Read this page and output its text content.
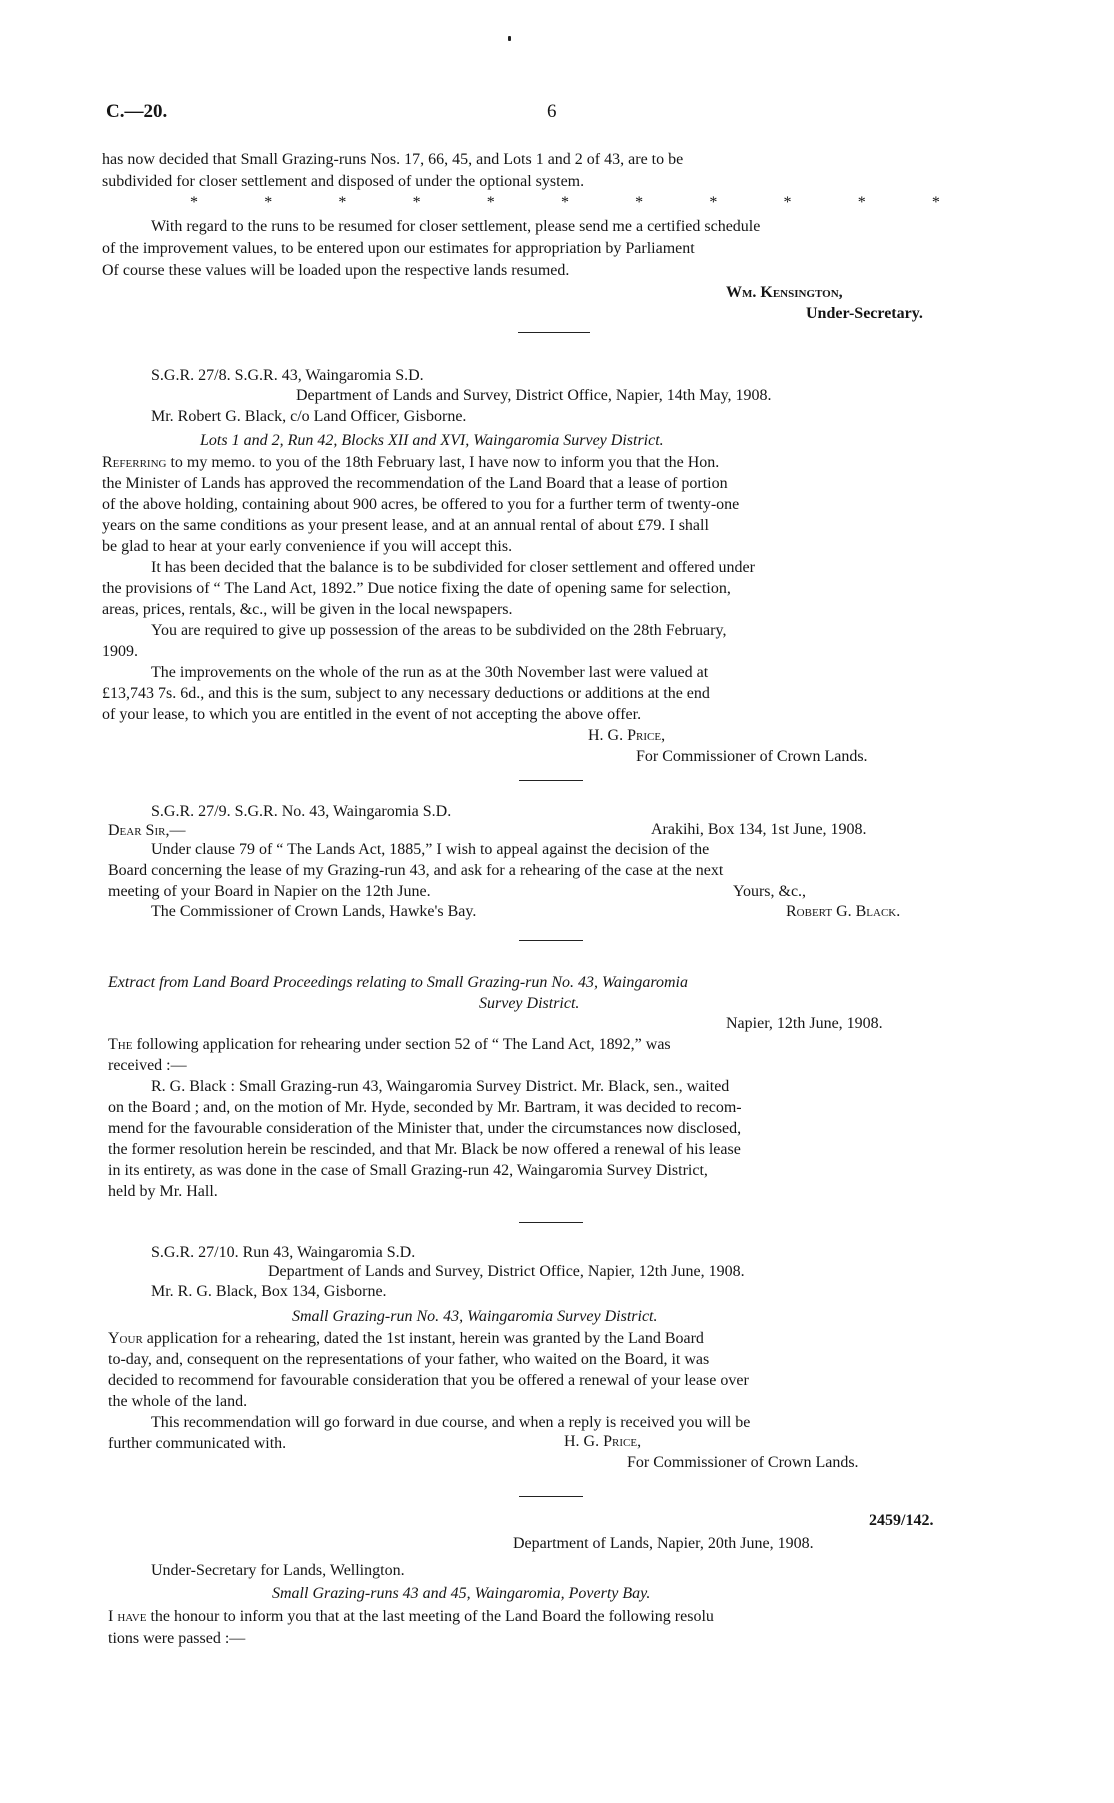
C.—20.	6
has now decided that Small Grazing-runs Nos. 17, 66, 45, and Lots 1 and 2 of 43, are to be
subdivided for closer settlement and disposed of under the optional system.
*	*	*	*	*	*	*	*	*	*	*
With regard to the runs to be resumed for closer settlement, please send me a certified schedule
of the improvement values, to be entered upon our estimates for appropriation by Parliament
Of course these values will be loaded upon the respective lands resumed.
Wm. Kensington,
Under-Secretary.
S.G.R. 27/8. S.G.R. 43, Waingaromia S.D.
Department of Lands and Survey, District Office, Napier, 14th May, 1908.
Mr. Robert G. Black, c/o Land Officer, Gisborne.
Lots 1 and 2, Run 42, Blocks XII and XVI, Waingaromia Survey District.
Referring to my memo. to you of the 18th February last, I have now to inform you that the Hon.
the Minister of Lands has approved the recommendation of the Land Board that a lease of portion
of the above holding, containing about 900 acres, be offered to you for a further term of twenty-one
years on the same conditions as your present lease, and at an annual rental of about £79. I shall
be glad to hear at your early convenience if you will accept this.
It has been decided that the balance is to be subdivided for closer settlement and offered under
the provisions of “ The Land Act, 1892.” Due notice fixing the date of opening same for selection,
areas, prices, rentals, &c., will be given in the local newspapers.
You are required to give up possession of the areas to be subdivided on the 28th February,
1909.
The improvements on the whole of the run as at the 30th November last were valued at
£13,743 7s. 6d., and this is the sum, subject to any necessary deductions or additions at the end
of your lease, to which you are entitled in the event of not accepting the above offer.
H. G. Price,
For Commissioner of Crown Lands.
S.G.R. 27/9. S.G.R. No. 43, Waingaromia S.D.
Dear Sir,—	Arakihi, Box 134, 1st June, 1908.
Under clause 79 of “ The Lands Act, 1885,” I wish to appeal against the decision of the
Board concerning the lease of my Grazing-run 43, and ask for a rehearing of the case at the next
meeting of your Board in Napier on the 12th June.	Yours, &c.,
The Commissioner of Crown Lands, Hawke's Bay.	Robert G. Black.
Extract from Land Board Proceedings relating to Small Grazing-run No. 43, Waingaromia
Survey District.
Napier, 12th June, 1908.
The following application for rehearing under section 52 of “ The Land Act, 1892,” was
received :—
R. G. Black : Small Grazing-run 43, Waingaromia Survey District. Mr. Black, sen., waited
on the Board ; and, on the motion of Mr. Hyde, seconded by Mr. Bartram, it was decided to recom-
mend for the favourable consideration of the Minister that, under the circumstances now disclosed,
the former resolution herein be rescinded, and that Mr. Black be now offered a renewal of his lease
in its entirety, as was done in the case of Small Grazing-run 42, Waingaromia Survey District,
held by Mr. Hall.
S.G.R. 27/10. Run 43, Waingaromia S.D.
Department of Lands and Survey, District Office, Napier, 12th June, 1908.
Mr. R. G. Black, Box 134, Gisborne.
Small Grazing-run No. 43, Waingaromia Survey District.
Your application for a rehearing, dated the 1st instant, herein was granted by the Land Board
to-day, and, consequent on the representations of your father, who waited on the Board, it was
decided to recommend for favourable consideration that you be offered a renewal of your lease over
the whole of the land.
This recommendation will go forward in due course, and when a reply is received you will be
further communicated with.	H. G. Price,
For Commissioner of Crown Lands.
2459/142.
Department of Lands, Napier, 20th June, 1908.
Under-Secretary for Lands, Wellington.
Small Grazing-runs 43 and 45, Waingaromia, Poverty Bay.
I have the honour to inform you that at the last meeting of the Land Board the following resolu
tions were passed :—
